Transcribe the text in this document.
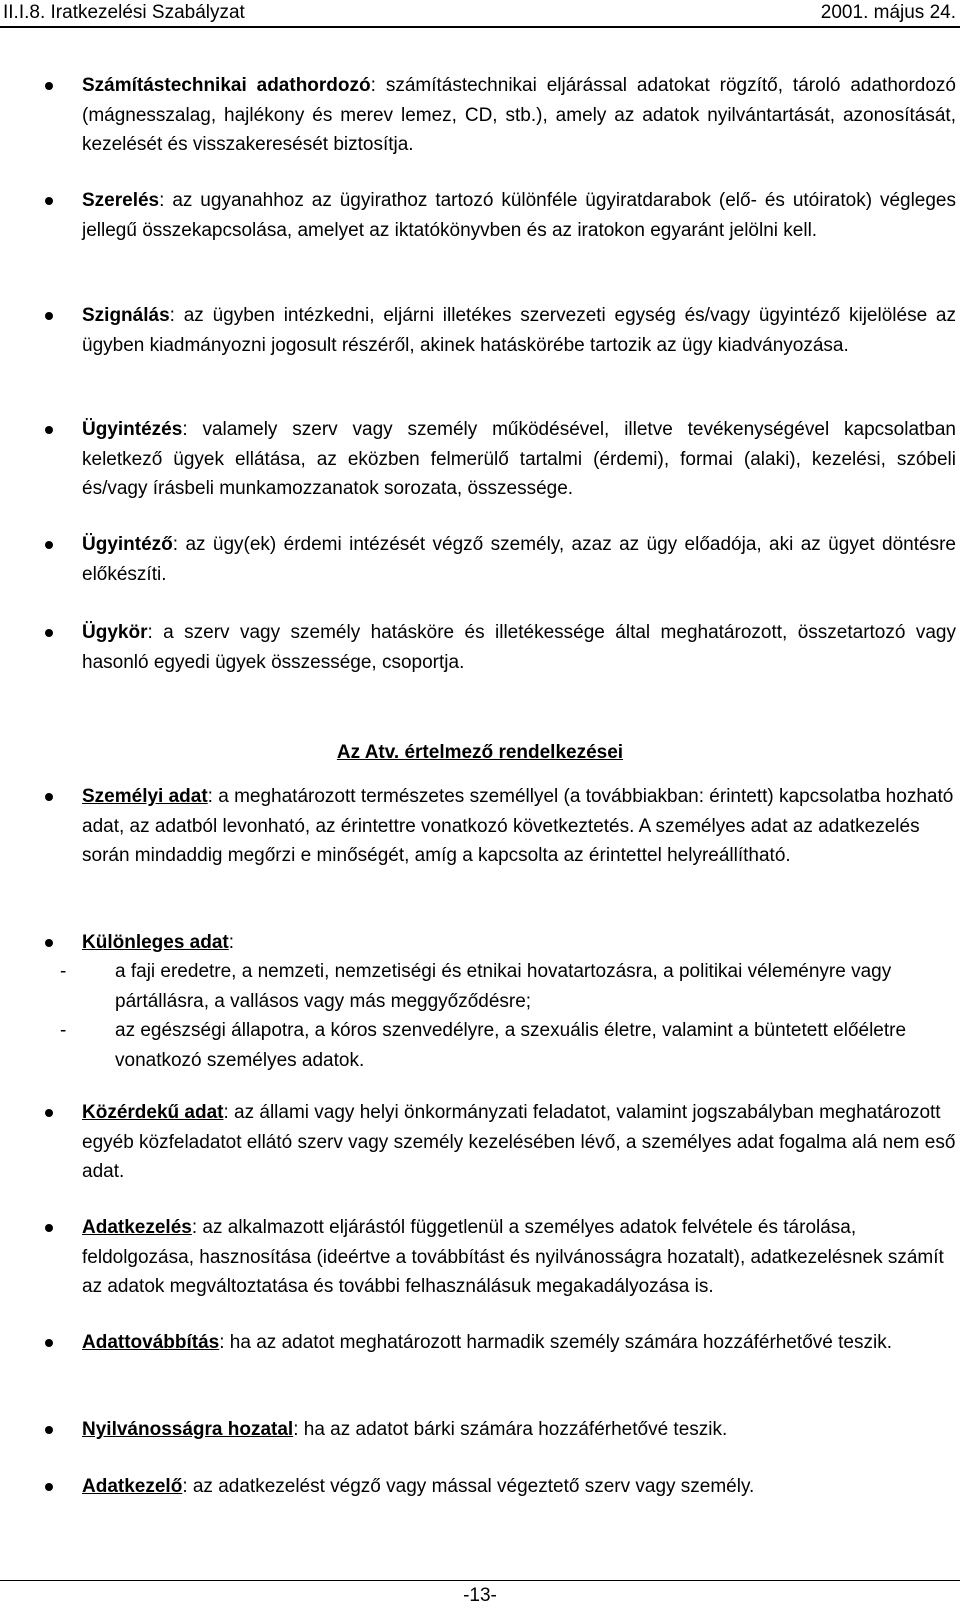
II.I.8. Iratkezelési Szabályzat	2001. május 24.
Számítástechnikai adathordozó: számítástechnikai eljárással adatokat rögzítő, tároló adathordozó (mágnesszalag, hajlékony és merev lemez, CD, stb.), amely az adatok nyilvántartását, azonosítását, kezelését és visszakeresését biztosítja.
Szerelés: az ugyanahhoz az ügyirathoz tartozó különféle ügyiratdarabok (elő- és utóiratok) végleges jellegű összekapcsolása, amelyet az iktatókönyvben és az iratokon egyaránt jelölni kell.
Szignálás: az ügyben intézkedni, eljárni illetékes szervezeti egység és/vagy ügyintéző kijelölése az ügyben kiadmányozni jogosult részéről, akinek hatáskörébe tartozik az ügy kiadványozása.
Ügyintézés: valamely szerv vagy személy működésével, illetve tevékenységével kapcsolatban keletkező ügyek ellátása, az eközben felmerülő tartalmi (érdemi), formai (alaki), kezelési, szóbeli és/vagy írásbeli munkamozzanatok sorozata, összessége.
Ügyintéző: az ügy(ek) érdemi intézését végző személy, azaz az ügy előadója, aki az ügyet döntésre előkészíti.
Ügykör: a szerv vagy személy hatásköre és illetékessége által meghatározott, összetartozó vagy hasonló egyedi ügyek összessége, csoportja.
Az Atv. értelmező rendelkezései
Személyi adat: a meghatározott természetes személlyel (a továbbiakban: érintett) kapcsolatba hozható adat, az adatból levonható, az érintettre vonatkozó következtetés. A személyes adat az adatkezelés során mindaddig megőrzi e minőségét, amíg a kapcsolta az érintettel helyreállítható.
Különleges adat:
-	a faji eredetre, a nemzeti, nemzetiségi és etnikai hovatartozásra, a politikai véleményre vagy pártállásra, a vallásos vagy más meggyőződésre;
-	az egészségi állapotra, a kóros szenvedélyre, a szexuális életre, valamint a büntetett előéletre vonatkozó személyes adatok.
Közérdekű adat: az állami vagy helyi önkormányzati feladatot, valamint jogszabályban meghatározott egyéb közfeladatot ellátó szerv vagy személy kezelésében lévő, a személyes adat fogalma alá nem eső adat.
Adatkezelés: az alkalmazott eljárástól függetlenül a személyes adatok felvétele és tárolása, feldolgozása, hasznosítása (ideértve a továbbítást és nyilvánosságra hozatalt), adatkezelésnek számít az adatok megváltoztatása és további felhasználásuk megakadályozása is.
Adattovábbítás: ha az adatot meghatározott harmadik személy számára hozzáférhetővé teszik.
Nyilvánosságra hozatal: ha az adatot bárki számára hozzáférhetővé teszik.
Adatkezelő: az adatkezelést végző vagy mással végeztető szerv vagy személy.
-13-
